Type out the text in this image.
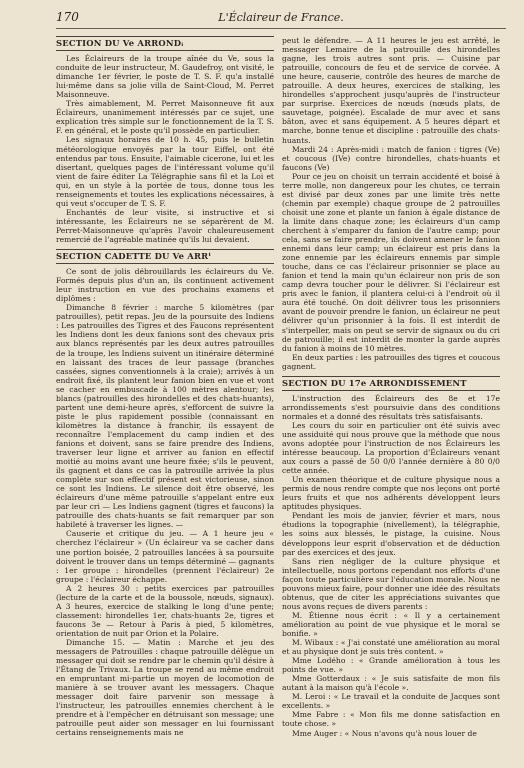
170	L'Éclaireur de France.
SECTION DU Ve ARRONDᵢ

Les Éclaireurs de la troupe aînée du Ve, sous la conduite de leur instructeur, M. Gaudefroy, ont visité, le dimanche 1er février, le poste de T. S. F. qu'a installé lui-même dans sa jolie villa de Saint-Cloud, M. Perret Maisonneuve.

Très aimablement, M. Perret Maisonneuve fit aux Éclaireurs, unanimement intéressés par ce sujet, une explication très simple sur le fonctionnement de la T. S. F. en général, et le poste qu'il possède en particulier.

Les signaux horaires de 10 h. 45, puis le bulletin météorologique envoyés par la tour Eiffel, ont été entendus par tous. Ensuite, l'aimable cicerone, lui et les disertant, quelques pages de l'intéressant volume qu'il vient de faire éditer La Télégraphie sans fil et la Loi et qui, en un style à la portée de tous, donne tous les renseignements et toutes les explications nécessaires, à qui veut s'occuper de T. S. F.

Enchantés de leur visite, si instructive et si intéressante, les Éclaireurs ne se séparèrent de M. Perret-Maisonneuve qu'après l'avoir chaleureusement remercié de l'agréable matinée qu'ils lui devaient.

SECTION CADETTE DU Ve ARRᵗ

Ce sont de jolis débrouillards les éclaireurs du Ve. Formés depuis plus d'un an, ils continuent activement leur instruction en vue des prochains examens et diplômes :

Dimanche 8 février : marche 5 kilomètres (par patrouilles), petit repas. Jeu de la poursuite des Indiens : Les patrouilles des Tigres et des Faucons représentent les Indiens dont les deux fanions sont des chevaux pris aux blancs représentés par les deux autres patrouilles de la troupe, les Indiens suivent un itinéraire déterminé en laissant des traces de leur passage (branches cassées, signes conventionnels à la craie); arrivés à un endroit fixé, ils plantent leur fanion bien en vue et vont se cacher en embuscade à 100 mètres alentour; les blancs (patrouilles des hirondelles et des chats-huants), partent une demi-heure après, s'efforcent de suivre la piste le plus rapidement possible (connaissant en kilomètres la distance à franchir, ils essayent de reconnaître l'emplacement du camp indien et des fanions et doivent, sans se faire prendre des Indiens, traverser leur ligne et arriver au fanion en effectif moitié au moins avant une heure fixée; s'ils le peuvent, ils gagnent et dans ce cas la patrouille arrivée la plus complète sur son effectif présent est victorieuse, sinon ce sont les Indiens. Le silence doit être observé, les éclaireurs d'une même patrouille s'appelant entre eux par leur cri — Les Indiens gagnent (tigres et faucons) la patrouille des chats-huants se fait remarquer par son habileté à traverser les lignes. —

Causerie et critique du jeu. — A 1 heure jeu « cherchez l'éclaireur » (Un éclaireur va se cacher dans une portion boisée, 2 patrouilles lancées à sa poursuite doivent le trouver dans un temps déterminé — gagnants : 1er groupe : hirondelles (prennent l'éclaireur) 2e groupe : l'éclaireur échappe.

A 2 heures 30 : petits exercices par patrouilles (lecture de la carte et de la boussole, nœuds, signaux). A 3 heures, exercice de stalking le long d'une pente; classement: hirondelles 1er, chats-huants 2e, tigres et faucons 3e — Retour à Paris à pied, 5 kilomètres, orientation de nuit par Orion et la Polaire.

Dimanche 15. — Matin : Marche et jeu des messagers de Patrouilles : chaque patrouille délègue un messager qui doit se rendre par le chemin qu'il désire à l'Étang de Trivaux. La troupe se rend au même endroit en empruntant mi-partie un moyen de locomotion de manière à se trouver avant les messagers. Chaque messager doit faire parvenir son message à l'instructeur, les patrouilles ennemies cherchent à le prendre et à l'empêcher en détruisant son message; une patrouille peut aider son messager en lui fournissant certains renseignements mais ne

peut le défendre. — A 11 heures le jeu est arrêté, le messager Lemaire de la patrouille des hirondelles gagne, les trois autres sont pris. — Cuisine par patrouille, concours de feu et de service de corvée. A une heure, causerie, contrôle des heures de marche de patrouille. A deux heures, exercices de stalking, les hirondelles s'approchent jusqu'auprès de l'instructeur par surprise. Exercices de nœuds (nœuds plats, de sauvetage, poignée). Escalade de mur avec et sans bâton, avec et sans équipement. A 5 heures départ et marche, bonne tenue et discipline : patrouille des chats-huants.

Mardi 24 : Après-midi : match de fanion : tigres (Ve) et coucous (IVe) contre hirondelles, chats-huants et faucons (Ve)

Pour ce jeu on choisit un terrain accidenté et boisé à terre molle, non dangereux pour les chutes, ce terrain est divisé par deux zones par une limite très nette (chemin par exemple) chaque groupe de 2 patrouilles choisit une zone et plante un fanion à égale distance de la limite dans chaque zone; les éclaireurs d'un camp cherchent à s'emparer du fanion de l'autre camp; pour cela, sans se faire prendre, ils doivent amener le fanion ennemi dans leur camp; un éclaireur est pris dans la zone ennemie par les éclaireurs ennemis par simple touche, dans ce cas l'éclaireur prisonnier se place au fanion et tend la main qu'un éclaireur non pris de son camp devra toucher pour le délivrer. Si l'éclaireur est pris avec le fanion, il plantera celui-ci à l'endroit où il aura été touché. On doit délivrer tous les prisonniers avant de pouvoir prendre le fanion, un éclaireur ne peut délivrer qu'un prisonnier à la fois. Il est interdit de s'interpeller, mais on peut se servir de signaux ou du cri de patrouille; il est interdit de monter la garde auprès du fanion à moins de 10 mètres.

En deux parties : les patrouilles des tigres et coucous gagnent.

SECTION DU 17e ARRONDISSEMENT

L'instruction des Éclaireurs des 8e et 17e arrondissements s'est poursuivie dans des conditions normales et a donné des résultats très satisfaisants.

Les cours du soir en particulier ont été suivis avec une assiduité qui nous prouve que la méthode que nous avons adoptée pour l'instruction de nos Éclaireurs les intéresse beaucoup. La proportion d'Éclaireurs venant aux cours a passé de 50 0/0 l'année dernière à 80 0/0 cette année.

Un examen théorique et de culture physique nous a permis de nous rendre compte que nos leçons ont porté leurs fruits et que nos adhérents développent leurs aptitudes physiques.

Pendant les mois de janvier, février et mars, nous étudions la topographie (nivellement), la télégraphie, les soins aux blessés, le pistage, la cuisine. Nous développons leur esprit d'observation et de déduction par des exercices et des jeux.

Sans rien négliger de la culture physique et intellectuelle, nous portons cependant nos efforts d'une façon toute particulière sur l'éducation morale. Nous ne pouvons mieux faire, pour donner une idée des résultats obtenus, que de citer les appréciations suivantes que nous avons reçues de divers parents :

M. Étienne nous écrit : « Il y a certainement amélioration au point de vue physique et le moral se bonifie. »

M. Wibaux : « J'ai constaté une amélioration au moral et au physique dont je suis très content. »

Mme Lodého : « Grande amélioration à tous les points de vue. »

Mme Gotterdaux : « Je suis satisfaite de mon fils autant à la maison qu'à l'école ».

M. Leroi : « Le travail et la conduite de Jacques sont excellents. »

Mme Fabre : « Mon fils me donne satisfaction en toute chose. »

Mme Auger : « Nous n'avons qu'à nous louer de
